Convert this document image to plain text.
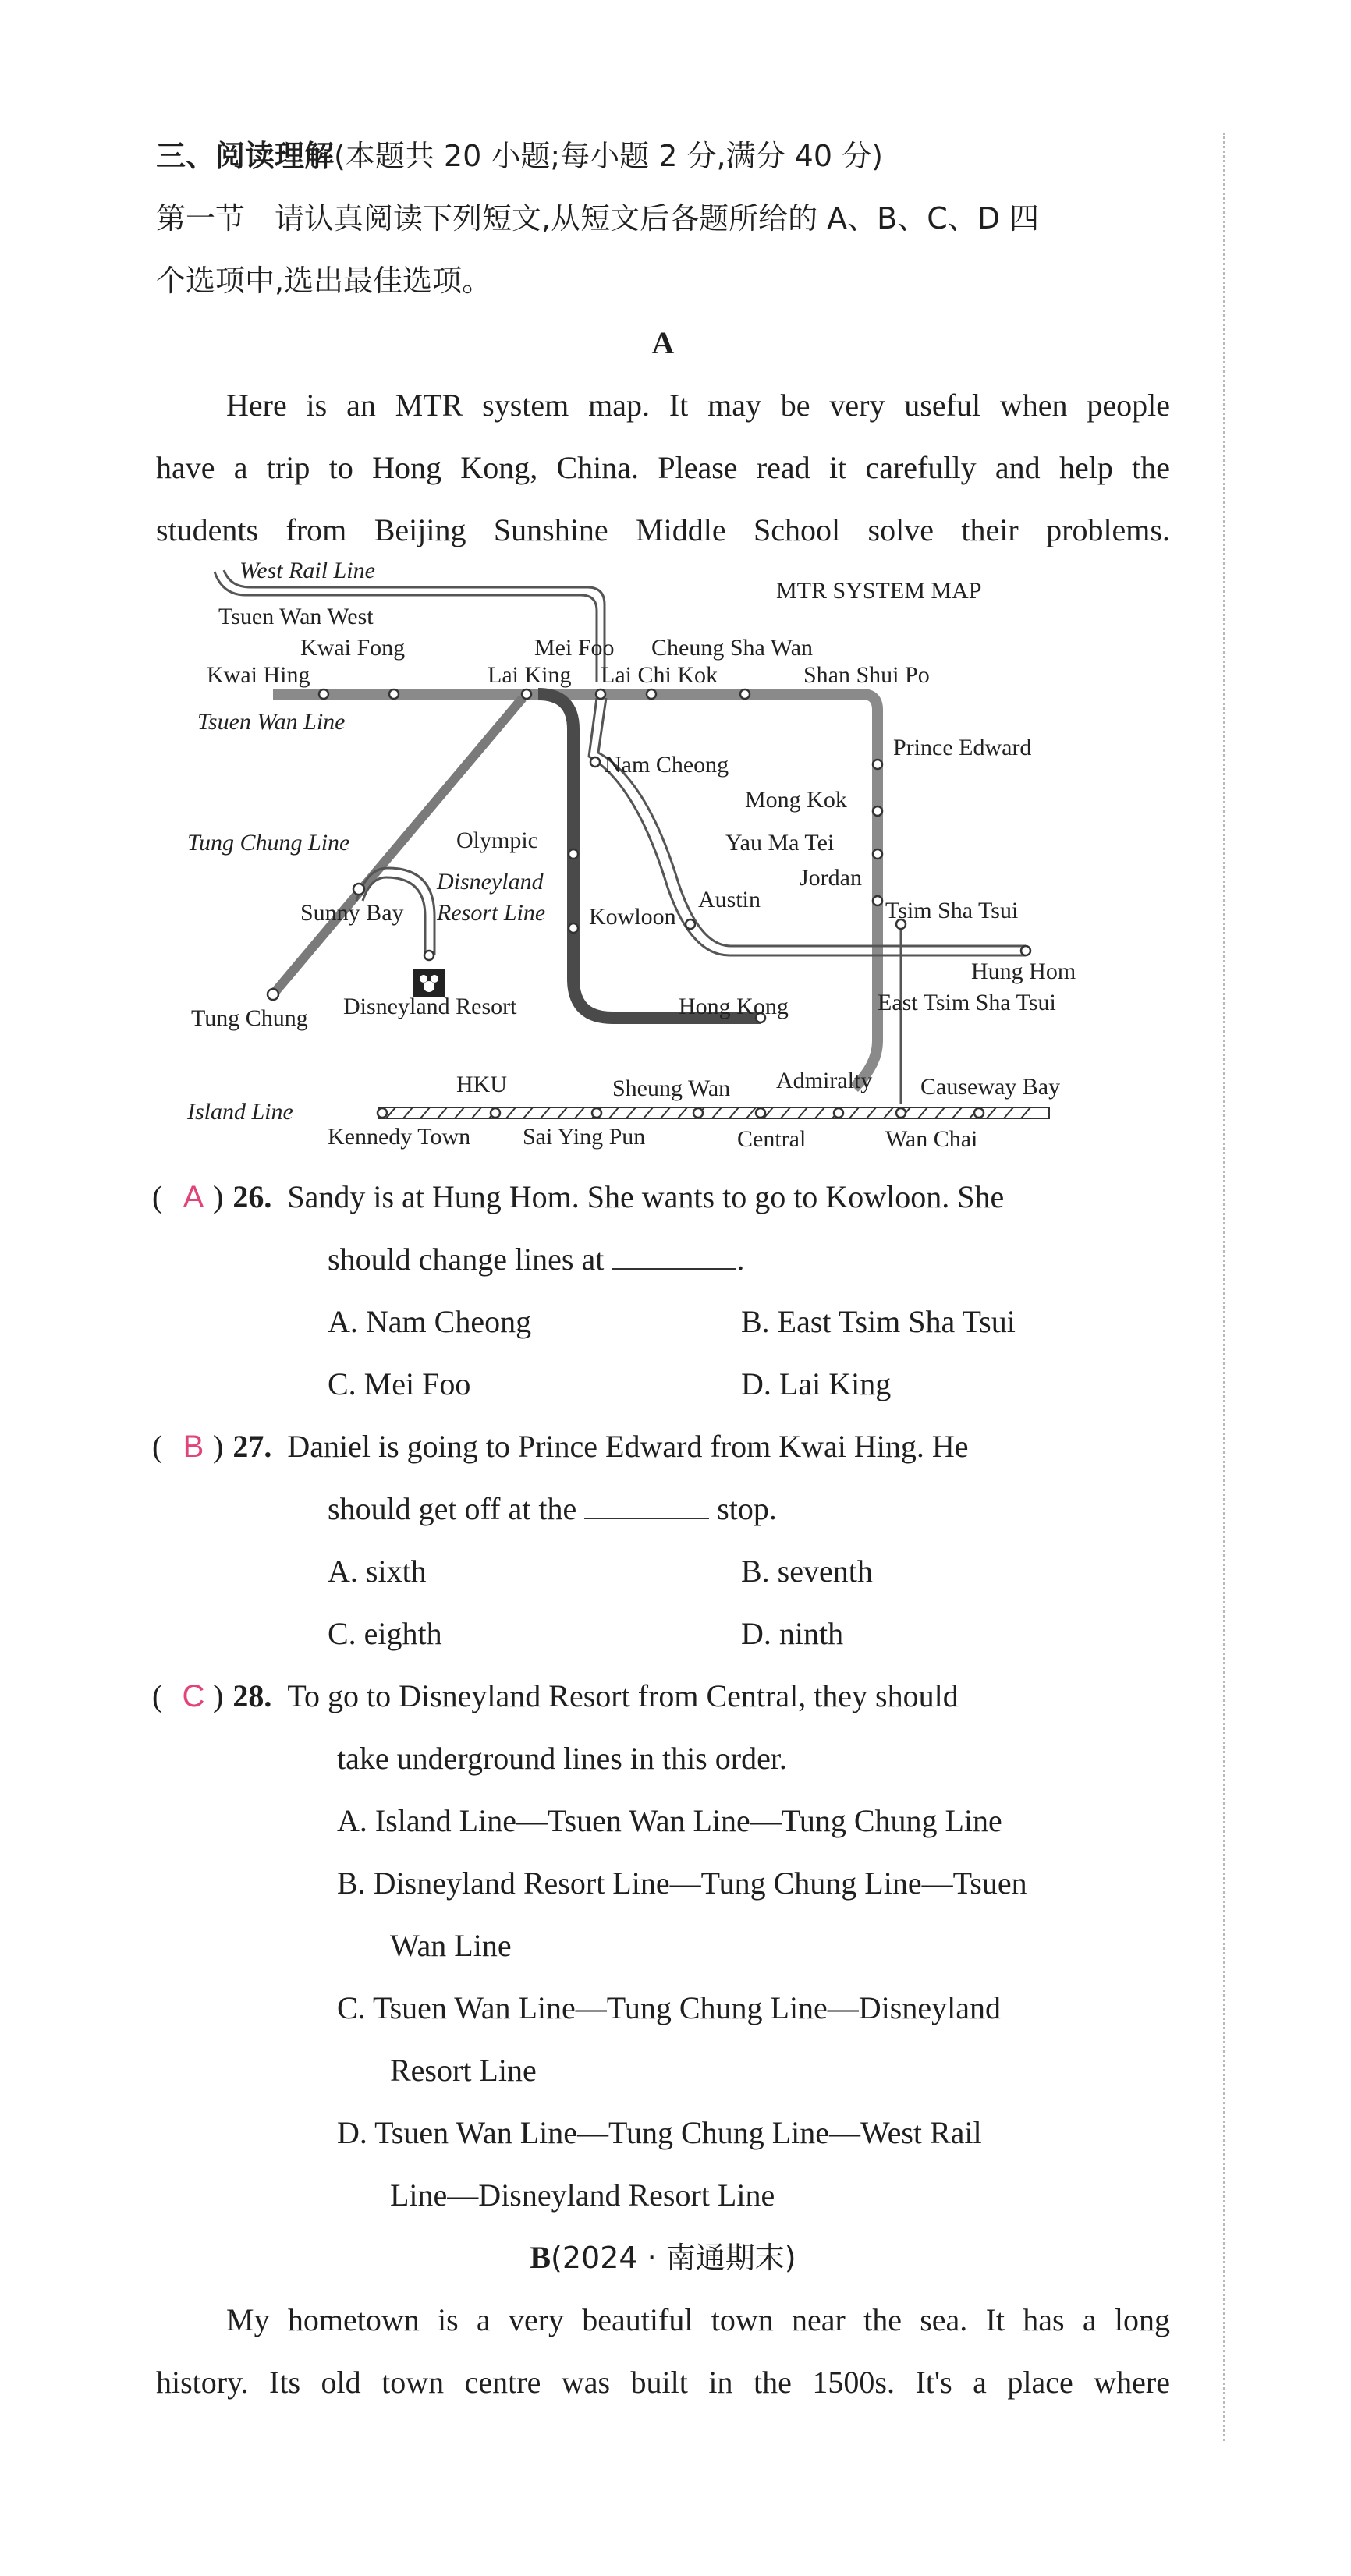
三、阅读理解(本题共 20 小题;每小题 2 分,满分 40 分)
第一节　请认真阅读下列短文,从短文后各题所给的 A、B、C、D 四
个选项中,选出最佳选项。
A
Here is an MTR system map. It may be very useful when people
have a trip to Hong Kong, China. Please read it carefully and help the
students from Beijing Sunshine Middle School solve their problems.
MTR SYSTEM MAP
West Rail Line
Tsuen Wan West
Kwai Fong	Mei Foo Cheung Sha Wan
Kwai Hing	Lai King Lai Chi Kok	Shan Shui Po
Tsuen Wan Line
Nam Cheong
Prince Edward
Mong Kok
Tung Chung Line	Olympic	Yau Ma Tei
Disneyland	Jordan
Austin
Resort Line
Sunny Bay	Kowloon	Tsim Sha Tsui
Hung Hom
East Tsim Sha Tsui
Tung Chung Disneyland Resort	Hong Kong
HKU	Sheung Wan Admiralty Causeway Bay
Island Line
Kennedy Town Sai Ying Pun	Central	Wan Chai
( A ) 26. Sandy is at Hung Hom. She wants to go to Kowloon. She
should change lines at	.
A. Nam Cheong	B. East Tsim Sha Tsui
C. Mei Foo	D. Lai King
( B ) 27. Daniel is going to Prince Edward from Kwai Hing. He
should get off at the	stop.
A. sixth	B. seventh
C. eighth	D. ninth
( C ) 28. To go to Disneyland Resort from Central, they should
take underground lines in this order.
A. Island Line—Tsuen Wan Line—Tung Chung Line
B. Disneyland Resort Line—Tung Chung Line—Tsuen
Wan Line
C. Tsuen Wan Line—Tung Chung Line—Disneyland
Resort Line
D. Tsuen Wan Line—Tung Chung Line—West Rail
Line—Disneyland Resort Line
B(2024 · 南通期末)
My hometown is a very beautiful town near the sea. It has a long
history. Its old town centre was built in the 1500s. It's a place where
